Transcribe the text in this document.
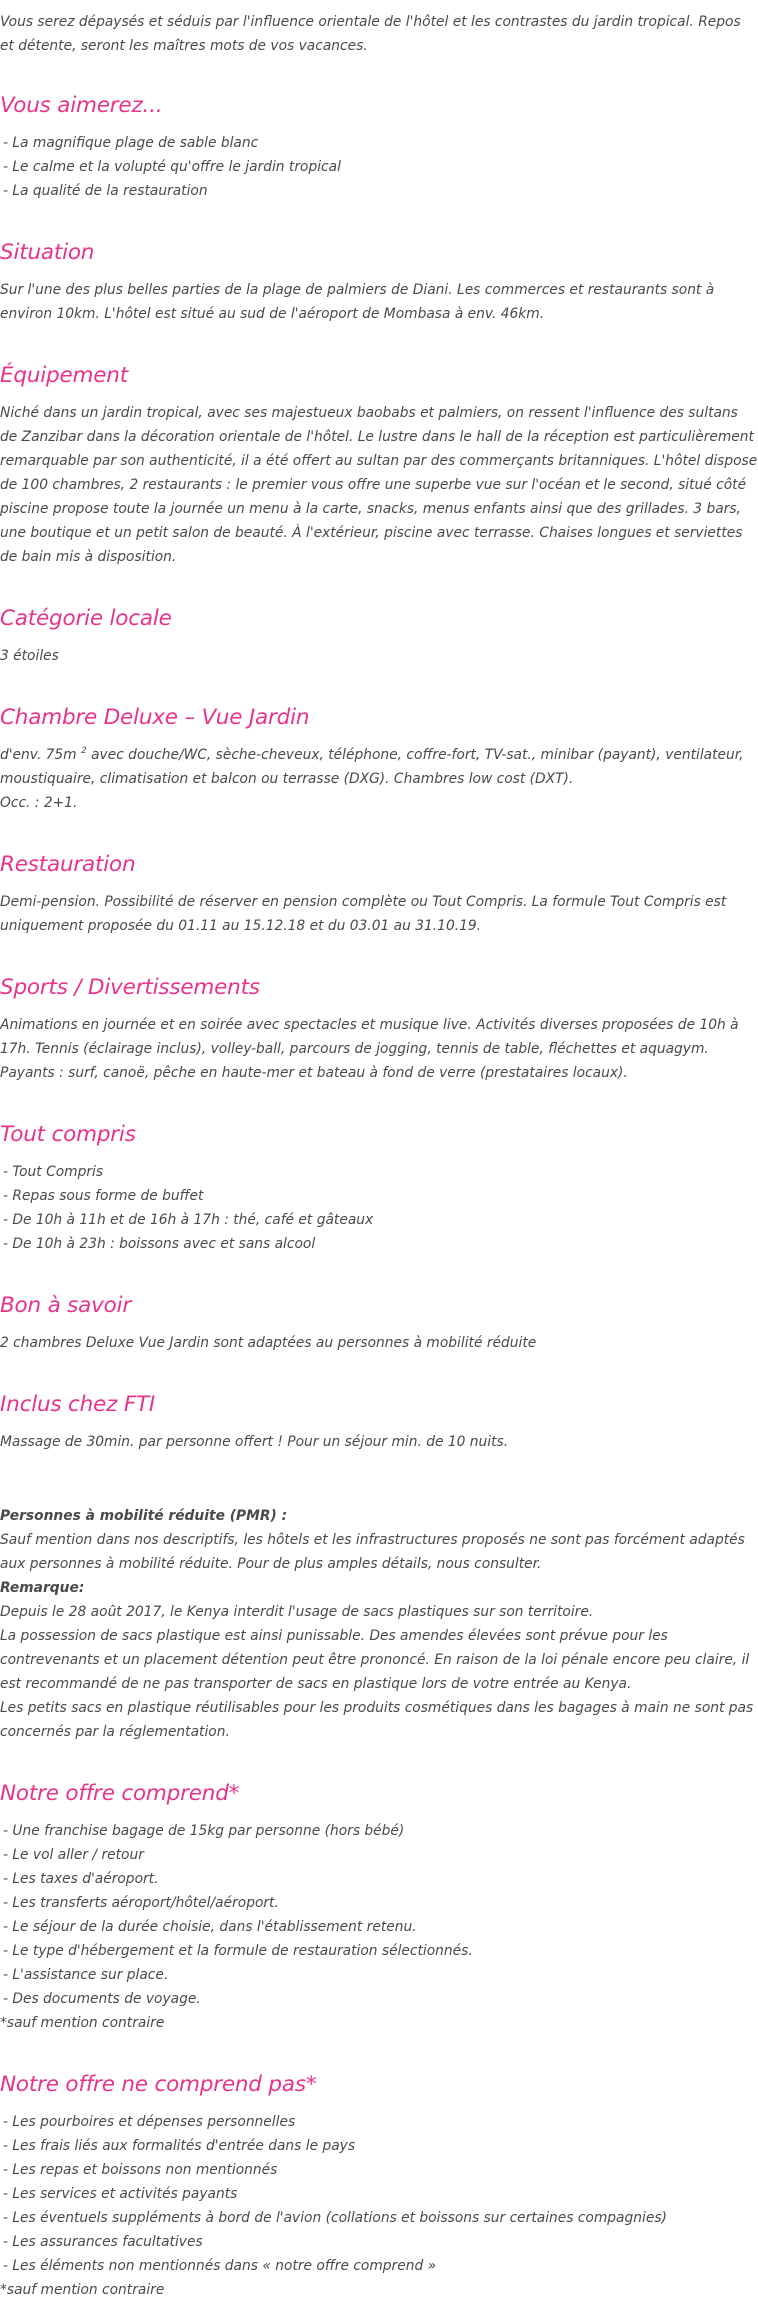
Vous serez dépaysés et séduis par l'influence orientale de l'hôtel et les contrastes du jardin tropical. Repos et détente, seront les maîtres mots de vos vacances.

Vous aimerez...
- La magnifique plage de sable blanc
- Le calme et la volupté qu'offre le jardin tropical
- La qualité de la restauration
Situation

Sur l'une des plus belles parties de la plage de palmiers de Diani. Les commerces et restaurants sont à environ 10km. L'hôtel est situé au sud de l'aéroport de Mombasa à env. 46km.

Équipement

Niché dans un jardin tropical, avec ses majestueux baobabs et palmiers, on ressent l'influence des sultans de Zanzibar dans la décoration orientale de l'hôtel. Le lustre dans le hall de la réception est particulièrement remarquable par son authenticité, il a été offert au sultan par des commerçants britanniques. L'hôtel dispose de 100 chambres, 2 restaurants : le premier vous offre une superbe vue sur l'océan et le second, situé côté piscine propose toute la journée un menu à la carte, snacks, menus enfants ainsi que des grillades. 3 bars, une boutique et un petit salon de beauté. À l'extérieur, piscine avec terrasse. Chaises longues et serviettes de bain mis à disposition.

Catégorie locale

3 étoiles

Chambre Deluxe – Vue Jardin

d'env. 75m $^2$ avec douche/WC, sèche-cheveux, téléphone, coffre-fort, TV-sat., minibar (payant), ventilateur, moustiquaire, climatisation et balcon ou terrasse (DXG). Chambres low cost (DXT).

Occ. : 2+1.

Restauration

Demi-pension. Possibilité de réserver en pension complète ou Tout Compris. La formule Tout Compris est uniquement proposée du 01.11 au 15.12.18 et du 03.01 au 31.10.19.

Sports / Divertissements

Animations en journée et en soirée avec spectacles et musique live. Activités diverses proposées de 10h à 17h. Tennis (éclairage inclus), volley-ball, parcours de jogging, tennis de table, fléchettes et aquagym.

Payants : surf, canoë, pêche en haute-mer et bateau à fond de verre (prestataires locaux).

Tout compris
- Tout Compris
- Repas sous forme de buffet
- De 10h à 11h et de 16h à 17h : thé, café et gâteaux
- De 10h à 23h : boissons avec et sans alcool
Bon à savoir

2 chambres Deluxe Vue Jardin sont adaptées au personnes à mobilité réduite

Inclus chez FTI

Massage de 30min. par personne offert ! Pour un séjour min. de 10 nuits.

Personnes à mobilité réduite (PMR) :

Sauf mention dans nos descriptifs, les hôtels et les infrastructures proposés ne sont pas forcément adaptés aux personnes à mobilité réduite. Pour de plus amples détails, nous consulter.

Remarque:

Depuis le 28 août 2017, le Kenya interdit l'usage de sacs plastiques sur son territoire.

La possession de sacs plastique est ainsi punissable. Des amendes élevées sont prévue pour les contrevenants et un placement détention peut être prononcé. En raison de la loi pénale encore peu claire, il est recommandé de ne pas transporter de sacs en plastique lors de votre entrée au Kenya.

Les petits sacs en plastique réutilisables pour les produits cosmétiques dans les bagages à main ne sont pas concernés par la réglementation.

Notre offre comprend*
- Une franchise bagage de 15kg par personne (hors bébé)
- Le vol aller / retour
- Les taxes d'aéroport.
- Les transferts aéroport/hôtel/aéroport.
- Le séjour de la durée choisie, dans l'établissement retenu.
- Le type d'hébergement et la formule de restauration sélectionnés.
- L'assistance sur place.
- Des documents de voyage.

*sauf mention contraire

Notre offre ne comprend pas*
- Les pourboires et dépenses personnelles
- Les frais liés aux formalités d'entrée dans le pays
- Les repas et boissons non mentionnés
- Les services et activités payants
- Les éventuels suppléments à bord de l'avion (collations et boissons sur certaines compagnies)
- Les assurances facultatives
- Les éléments non mentionnés dans « notre offre comprend »

*sauf mention contraire
